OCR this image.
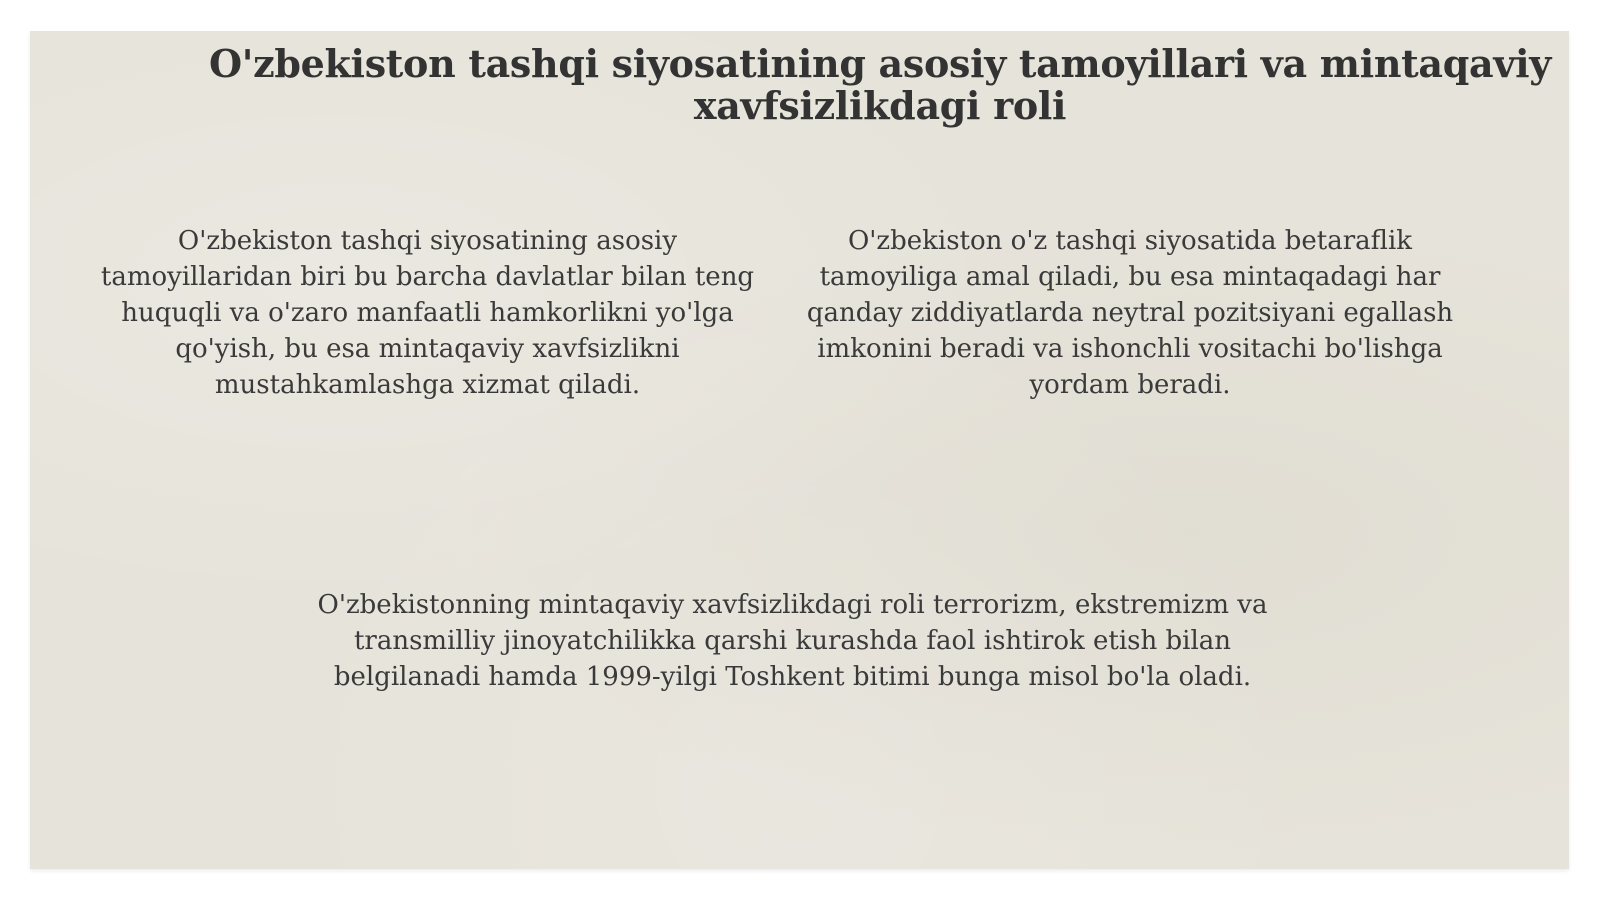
O'zbekiston tashqi siyosatining asosiy tamoyillari va mintaqaviy xavfsizlikdagi roli

O'zbekiston tashqi siyosatining asosiy tamoyillaridan biri bu barcha davlatlar bilan teng huquqli va o'zaro manfaatli hamkorlikni yo'lga qo'yish, bu esa mintaqaviy xavfsizlikni mustahkamlashga xizmat qiladi.

O'zbekiston o'z tashqi siyosatida betaraflik tamoyiliga amal qiladi, bu esa mintaqadagi har qanday ziddiyatlarda neytral pozitsiyani egallash imkonini beradi va ishonchli vositachi bo'lishga yordam beradi.

O'zbekistonning mintaqaviy xavfsizlikdagi roli terrorizm, ekstremizm va transmilliy jinoyatchilikka qarshi kurashda faol ishtirok etish bilan belgilanadi hamda 1999-yilgi Toshkent bitimi bunga misol bo'la oladi.
